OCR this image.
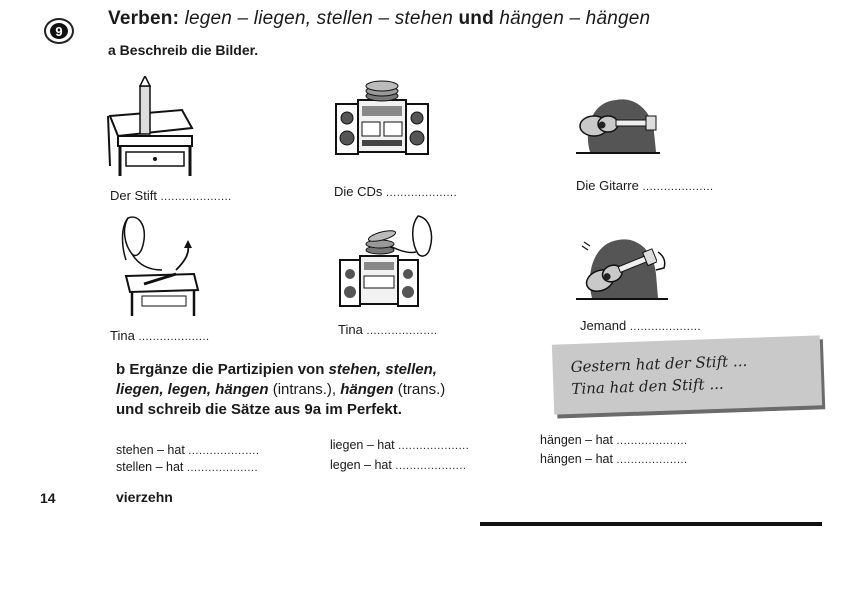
9
Verben: legen – liegen, stellen – stehen und hängen – hängen
a Beschreib die Bilder.
Der Stift ....................	Die CDs ....................	Die Gitarre ....................
Tina ....................	Tina ....................	Jemand ....................
b Ergänze die Partizipien von stehen, stellen,
liegen, legen, hängen (intrans.), hängen (trans.)
und schreib die Sätze aus 9a im Perfekt.
Gestern hat der Stift ...
Tina hat den Stift ...
stehen – hat ....................
stellen – hat ....................
liegen – hat ....................
legen – hat ....................
hängen – hat ....................
hängen – hat ....................
14	vierzehn
